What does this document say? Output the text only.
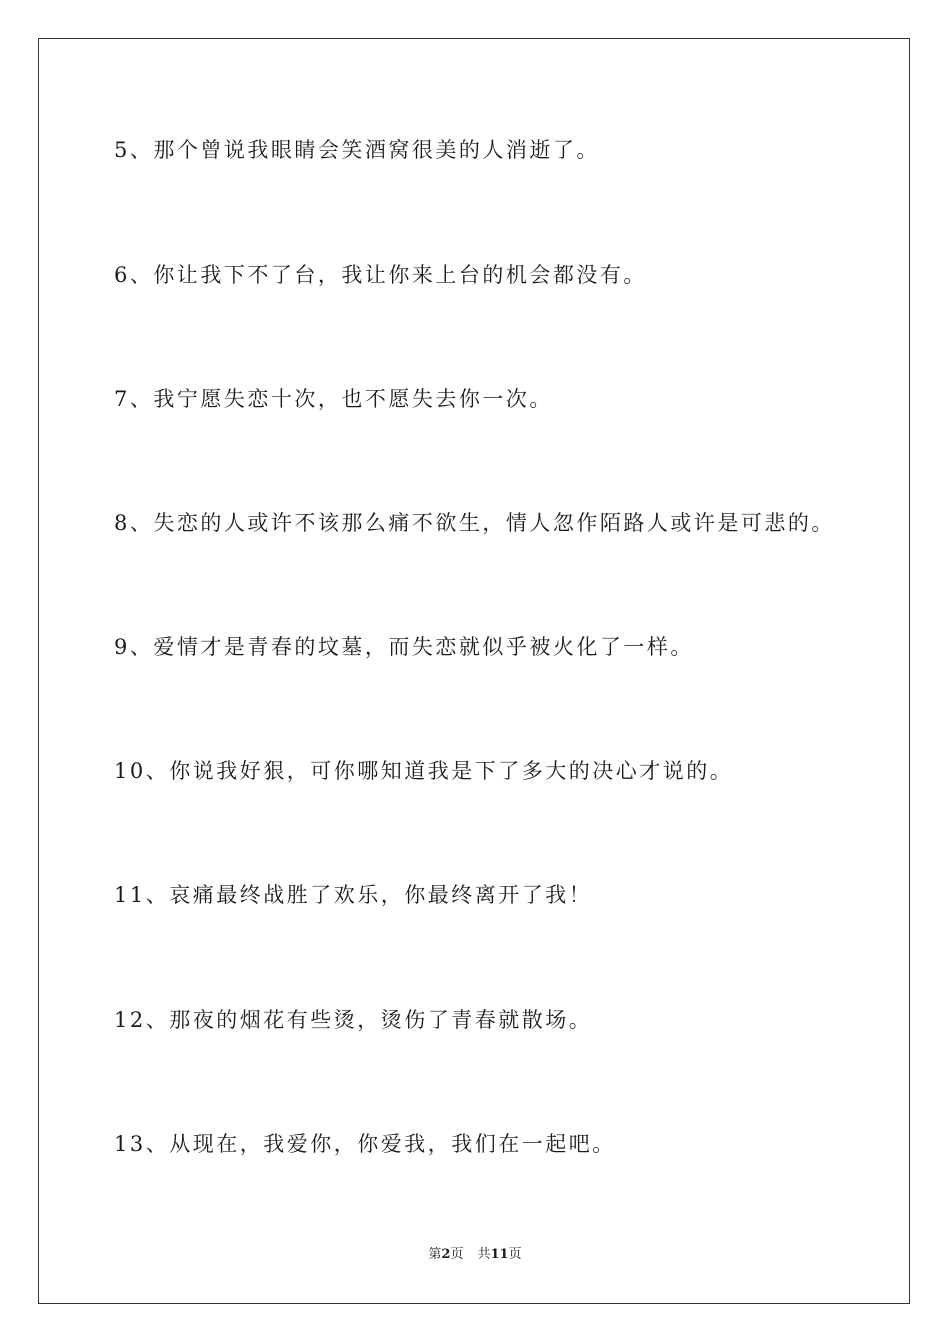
5、那个曾说我眼睛会笑酒窝很美的人消逝了。
6、你让我下不了台，我让你来上台的机会都没有。
7、我宁愿失恋十次，也不愿失去你一次。
8、失恋的人或许不该那么痛不欲生，情人忽作陌路人或许是可悲的。
9、爱情才是青春的坟墓，而失恋就似乎被火化了一样。
10、你说我好狠，可你哪知道我是下了多大的决心才说的。
11、哀痛最终战胜了欢乐，你最终离开了我！
12、那夜的烟花有些烫，烫伤了青春就散场。
13、从现在，我爱你，你爱我，我们在一起吧。
第2页 共11页
